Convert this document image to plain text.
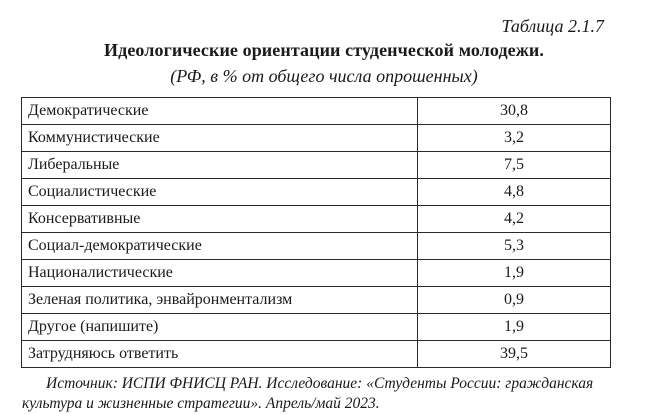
Таблица 2.1.7
Идеологические ориентации студенческой молодежи.
(РФ, в % от общего числа опрошенных)
Демократические	30,8
Коммунистические	3,2
Либеральные	7,5
Социалистические	4,8
Консервативные	4,2
Социал-демократические	5,3
Националистические	1,9
Зеленая политика, энвайронментализм	0,9
Другое (напишите)	1,9
Затрудняюсь ответить	39,5
Источник: ИСПИ ФНИСЦ РАН. Исследование: «Студенты России: гражданская культура и жизненные стратегии». Апрель/май 2023.
